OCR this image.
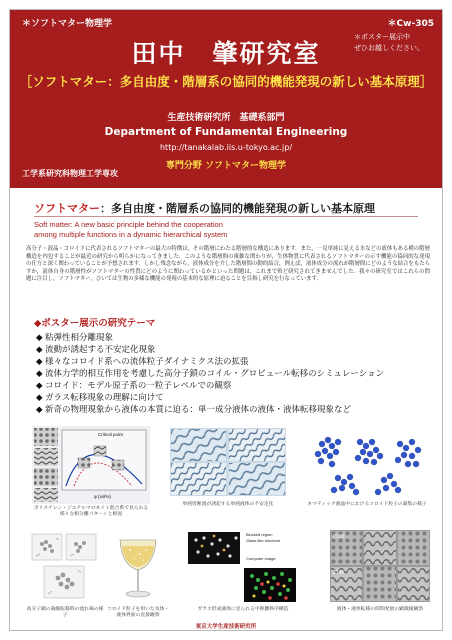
＊ソフトマター物理学	＊Cw-305
＊ポスター展示中
ぜひお越しください。
田中　肇研究室
［ソフトマター：多自由度・階層系の協同的機能発現の新しい基本原理］
生産技術研究所　基礎系部門
Department of Fundamental Engineering
http://tanakalab.iis.u-tokyo.ac.jp/
専門分野 ソフトマター物理学
工学系研究科物理工学専攻
ソフトマター：多自由度・階層系の協同的機能発現の新しい基本原理
Soft matter: A new basic principle behind the cooperation
among multiple functions in a dynamic hierarchical system
高分子・液晶・コロイドに代表されるソフトマターの最大の特徴は，その階層にわたる階層的な構造にあります．また，一見単純に見える水などの液体もある種の階層構造を内包することが最近の研究から明らかになってきました．このような階層間の複雑な関わりが，生体物質に代表されるソフトマターの示す機能の協同的な発現の仕方と深く関わっていることが予想されます．しかし残念ながら，液体成分を介した階層間の動的結合，例えば，液体成分の流れが階層間にどのような結合をもたらすか，液体自身の階層性がソフトマターの性質にどのように関わっているかといった問題は，これまで殆ど研究されてきませんでした．我々の研究室ではこれらの問題に注目し，ソフトマター，ひいては生物の多様な機能の発現の基本的な原理に迫ることを目指し研究を行なっています．
◆ポスター展示の研究テーマ
◆ 粘弾性相分離現象
◆ 流動が誘起する不安定化現象
◆ 様々なコロイド系への流体粒子ダイナミクス法の拡張
◆ 流体力学的相互作用を考慮した高分子鎖のコイル・グロビュール転移のシミュレーション
◆ コロイド：モデル原子系の一粒子レベルでの観察
◆ ガラス転移現象の理解に向けて
◆ 新奇の物理現象から液体の本質に迫る：単一成分液体の液体・液体転移現象など
Critical point
φ (vol%)
ポリスチレン・ジエチルマロネイト混合系で見られる様々な相分離パターンと相図
単純剪断流が誘起する単純液体の不安定化	ネマティック液晶中におけるコロイド粒子の凝集の様子
高分子鎖の凝縮転移時の流れ場の様子
コロイド粒子を用いた気体・液体界面の直接観察
Blocked region
Glass-like structure
Computer image
ガラス形成液体に見られる中距離秩序構造
213K
214K
液体・液体転移の時間発展の顕微鏡観察
東京大学生産技術研究所
